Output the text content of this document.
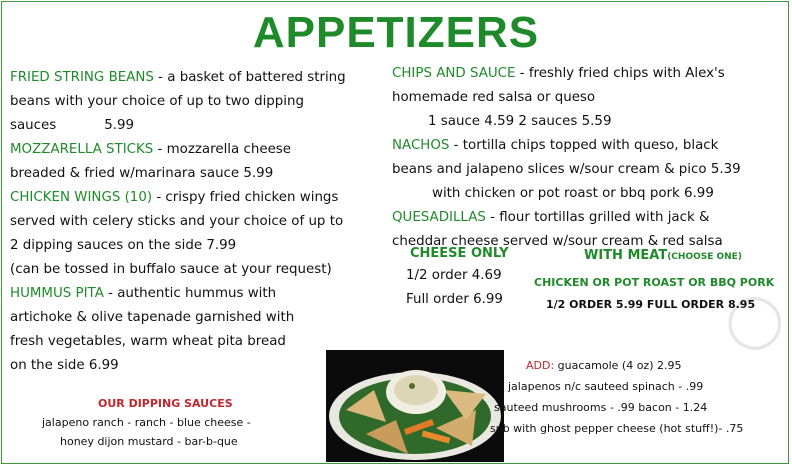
◯
APPETIZERS
FRIED STRING BEANS - a basket of battered string
beans with your choice of up to two dipping
sauces	5.99
MOZZARELLA STICKS - mozzarella cheese
breaded & fried w/marinara sauce 5.99
CHICKEN WINGS (10) - crispy fried chicken wings
served with celery sticks and your choice of up to
2 dipping sauces on the side 7.99
(can be tossed in buffalo sauce at your request)
HUMMUS PITA - authentic hummus with
artichoke & olive tapenade garnished with
fresh vegetables, warm wheat pita bread
on the side 6.99
CHIPS AND SAUCE - freshly fried chips with Alex's
homemade red salsa or queso
1 sauce 4.59 2 sauces 5.59
NACHOS - tortilla chips topped with queso, black
beans and jalapeno slices w/sour cream & pico 5.39
with chicken or pot roast or bbq pork 6.99
QUESADILLAS - flour tortillas grilled with jack &
cheddar cheese served w/sour cream & red salsa
CHEESE ONLY
1/2 order 4.69
Full order 6.99
WITH MEAT(CHOOSE ONE)
CHICKEN OR POT ROAST OR BBQ PORK
1/2 ORDER 5.99 FULL ORDER 8.95
OUR DIPPING SAUCES
jalapeno ranch - ranch - blue cheese -
honey dijon mustard - bar-b-que
ADD: guacamole (4 oz) 2.95
jalapenos n/c sauteed spinach - .99
sauteed mushrooms - .99 bacon - 1.24
sub with ghost pepper cheese (hot stuff!)- .75
